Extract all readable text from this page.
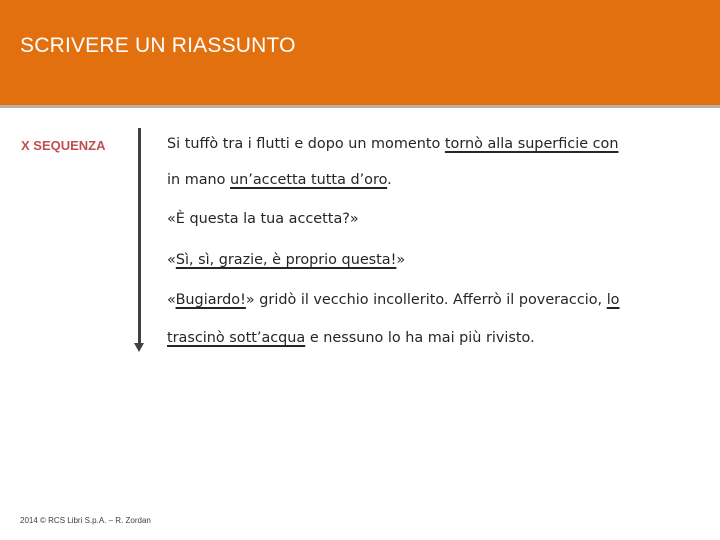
SCRIVERE UN RIASSUNTO
X SEQUENZA	Si tuffò tra i flutti e dopo un momento tornò alla superficie con
in mano un’accetta tutta d’oro.
«È questa la tua accetta?»
«Sì, sì, grazie, è proprio questa!»
«Bugiardo!» gridò il vecchio incollerito. Afferrò il poveraccio, lo
trascinò sott’acqua e nessuno lo ha mai più rivisto.
2014 © RCS Libri S.p.A. – R. Zordan
